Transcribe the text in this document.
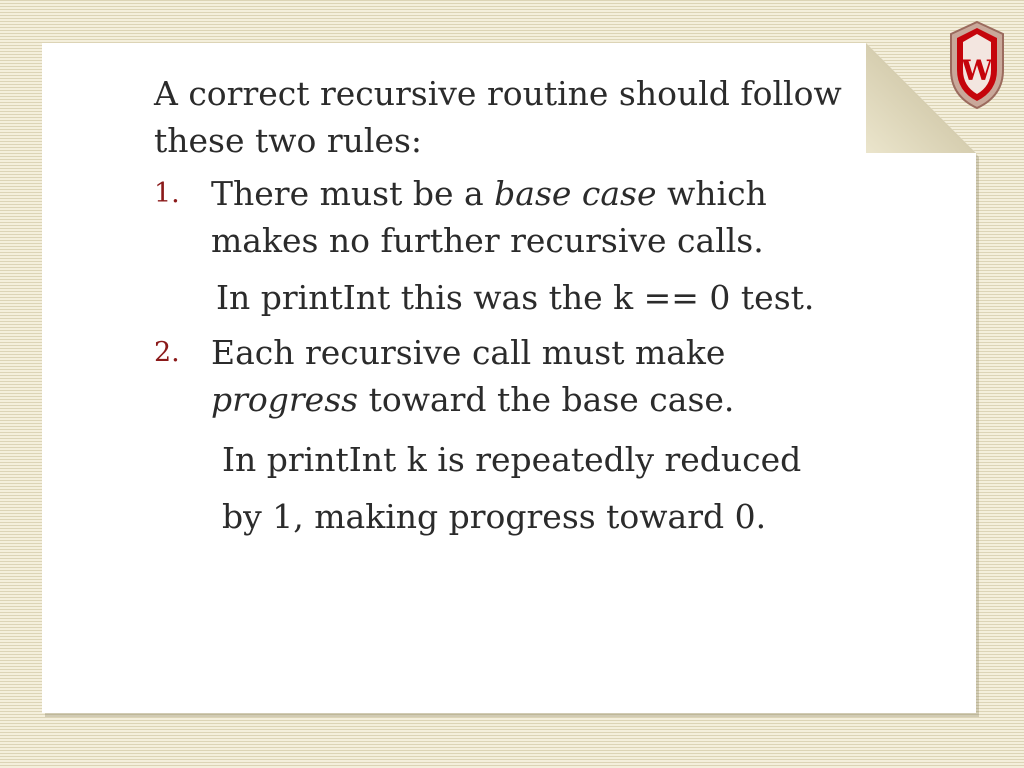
W

A correct recursive routine should follow these two rules:

1. There must be a base case which makes no further recursive calls.

In printInt this was the k == 0 test.

2. Each recursive call must make progress toward the base case.

In printInt k is repeatedly reduced
by 1, making progress toward 0.
